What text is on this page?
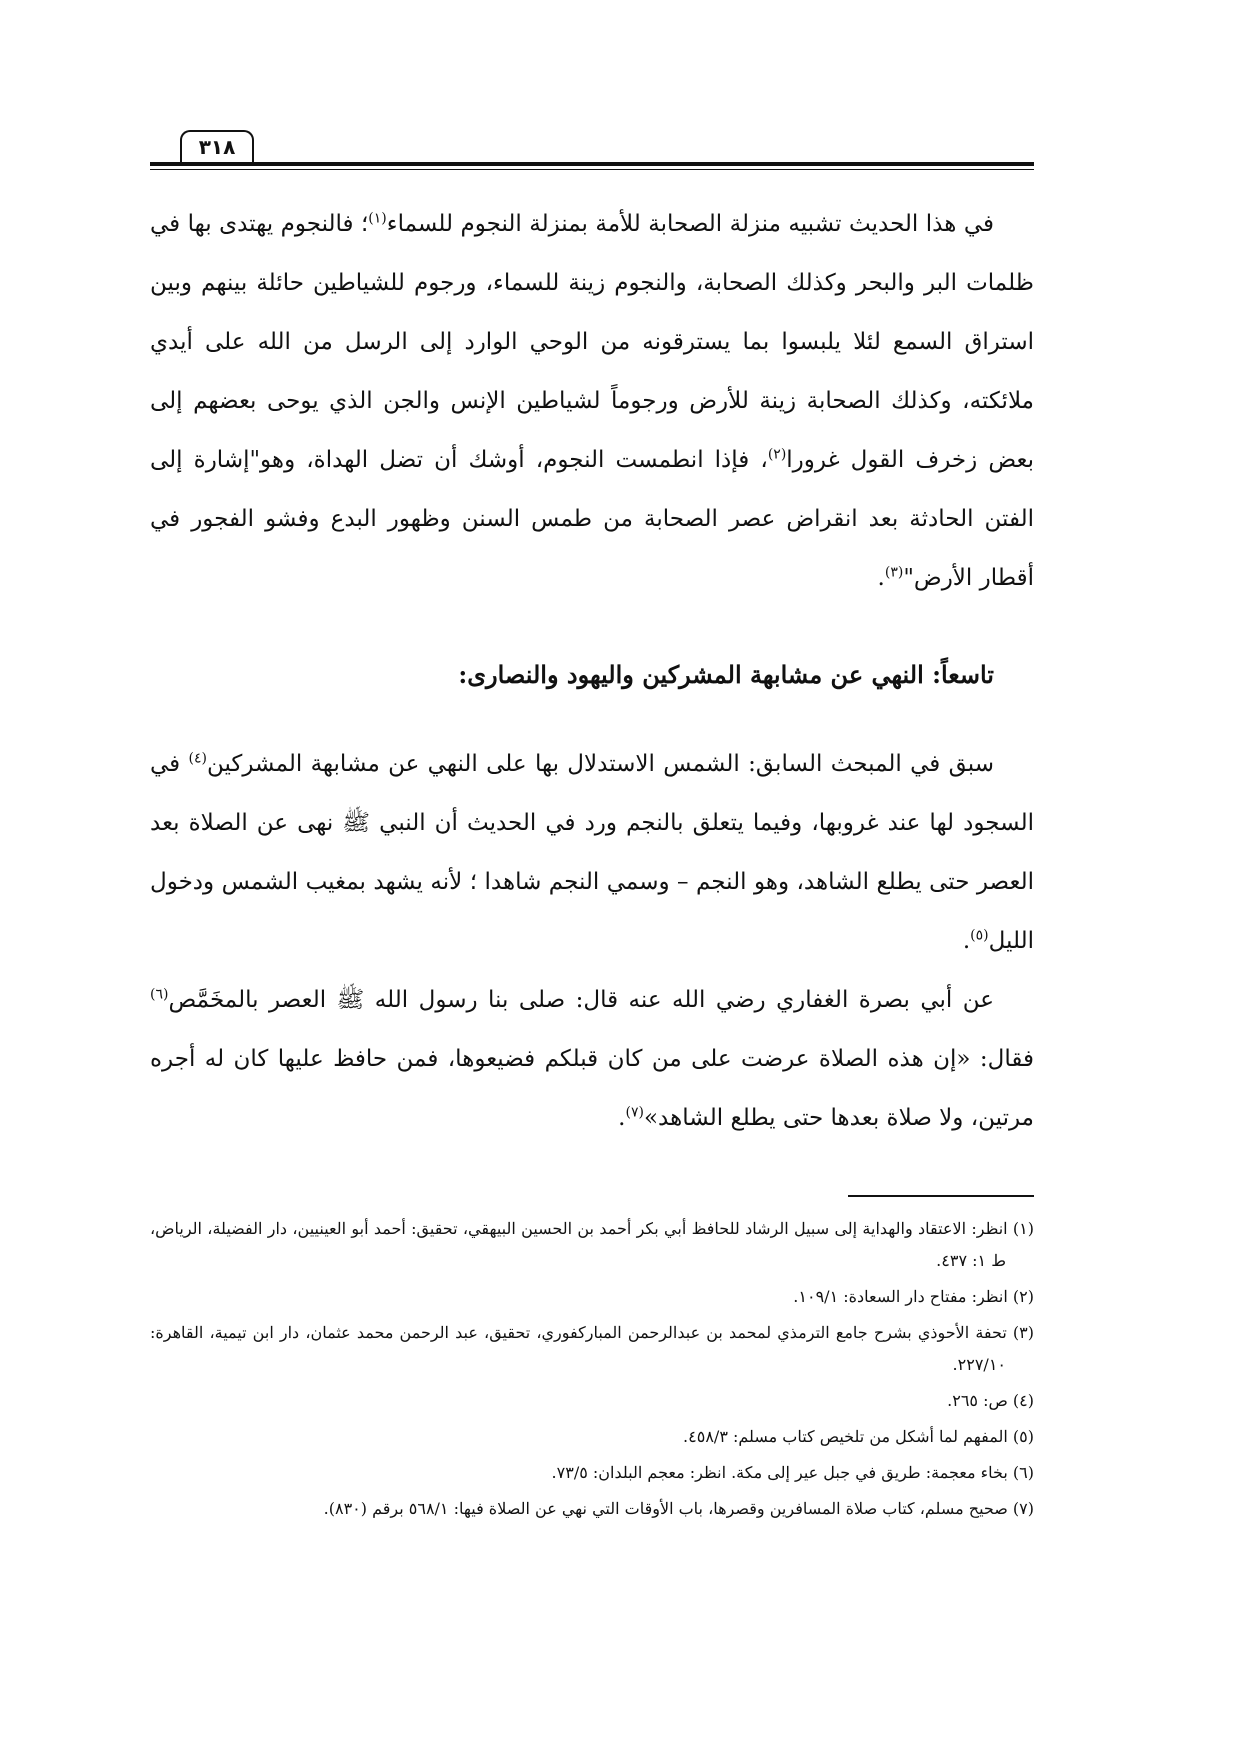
٣١٨

في هذا الحديث تشبيه منزلة الصحابة للأمة بمنزلة النجوم للسماء$^{(١)}$؛ فالنجوم يهتدى بها في ظلمات البر والبحر وكذلك الصحابة، والنجوم زينة للسماء، ورجوم للشياطين حائلة بينهم وبين استراق السمع لئلا يلبسوا بما يسترقونه من الوحي الوارد إلى الرسل من الله على أيدي ملائكته، وكذلك الصحابة زينة للأرض ورجوماً لشياطين الإنس والجن الذي يوحى بعضهم إلى بعض زخرف القول غرورا$^{(٢)}$، فإذا انطمست النجوم، أوشك أن تضل الهداة، وهو"إشارة إلى الفتن الحادثة بعد انقراض عصر الصحابة من طمس السنن وظهور البدع وفشو الفجور في أقطار الأرض"$^{(٣)}$.

تاسعاً: النهي عن مشابهة المشركين واليهود والنصارى:

سبق في المبحث السابق: الشمس الاستدلال بها على النهي عن مشابهة المشركين$^{(٤)}$ في السجود لها عند غروبها، وفيما يتعلق بالنجم ورد في الحديث أن النبي ﷺ نهى عن الصلاة بعد العصر حتى يطلع الشاهد، وهو النجم – وسمي النجم شاهدا ؛ لأنه يشهد بمغيب الشمس ودخول الليل$^{(٥)}$.

عن أبي بصرة الغفاري رضي الله عنه قال: صلى بنا رسول الله ﷺ العصر بالمخَمَّص$^{(٦)}$ فقال: «إن هذه الصلاة عرضت على من كان قبلكم فضيعوها، فمن حافظ عليها كان له أجره مرتين، ولا صلاة بعدها حتى يطلع الشاهد»$^{(٧)}$.

(١) انظر: الاعتقاد والهداية إلى سبيل الرشاد للحافظ أبي بكر أحمد بن الحسين البيهقي، تحقيق: أحمد أبو العينيين، دار الفضيلة، الرياض، ط ١: ٤٣٧.

(٢) انظر: مفتاح دار السعادة: ١٠٩/١.

(٣) تحفة الأحوذي بشرح جامع الترمذي لمحمد بن عبدالرحمن المباركفوري، تحقيق، عبد الرحمن محمد عثمان، دار ابن تيمية، القاهرة: ٢٢٧/١٠.

(٤) ص: ٢٦٥.

(٥) المفهم لما أشكل من تلخيص كتاب مسلم: ٤٥٨/٣.

(٦) بخاء معجمة: طريق في جبل عير إلى مكة. انظر: معجم البلدان: ٧٣/٥.

(٧) صحيح مسلم، كتاب صلاة المسافرين وقصرها، باب الأوقات التي نهي عن الصلاة فيها: ٥٦٨/١ برقم (٨٣٠).
